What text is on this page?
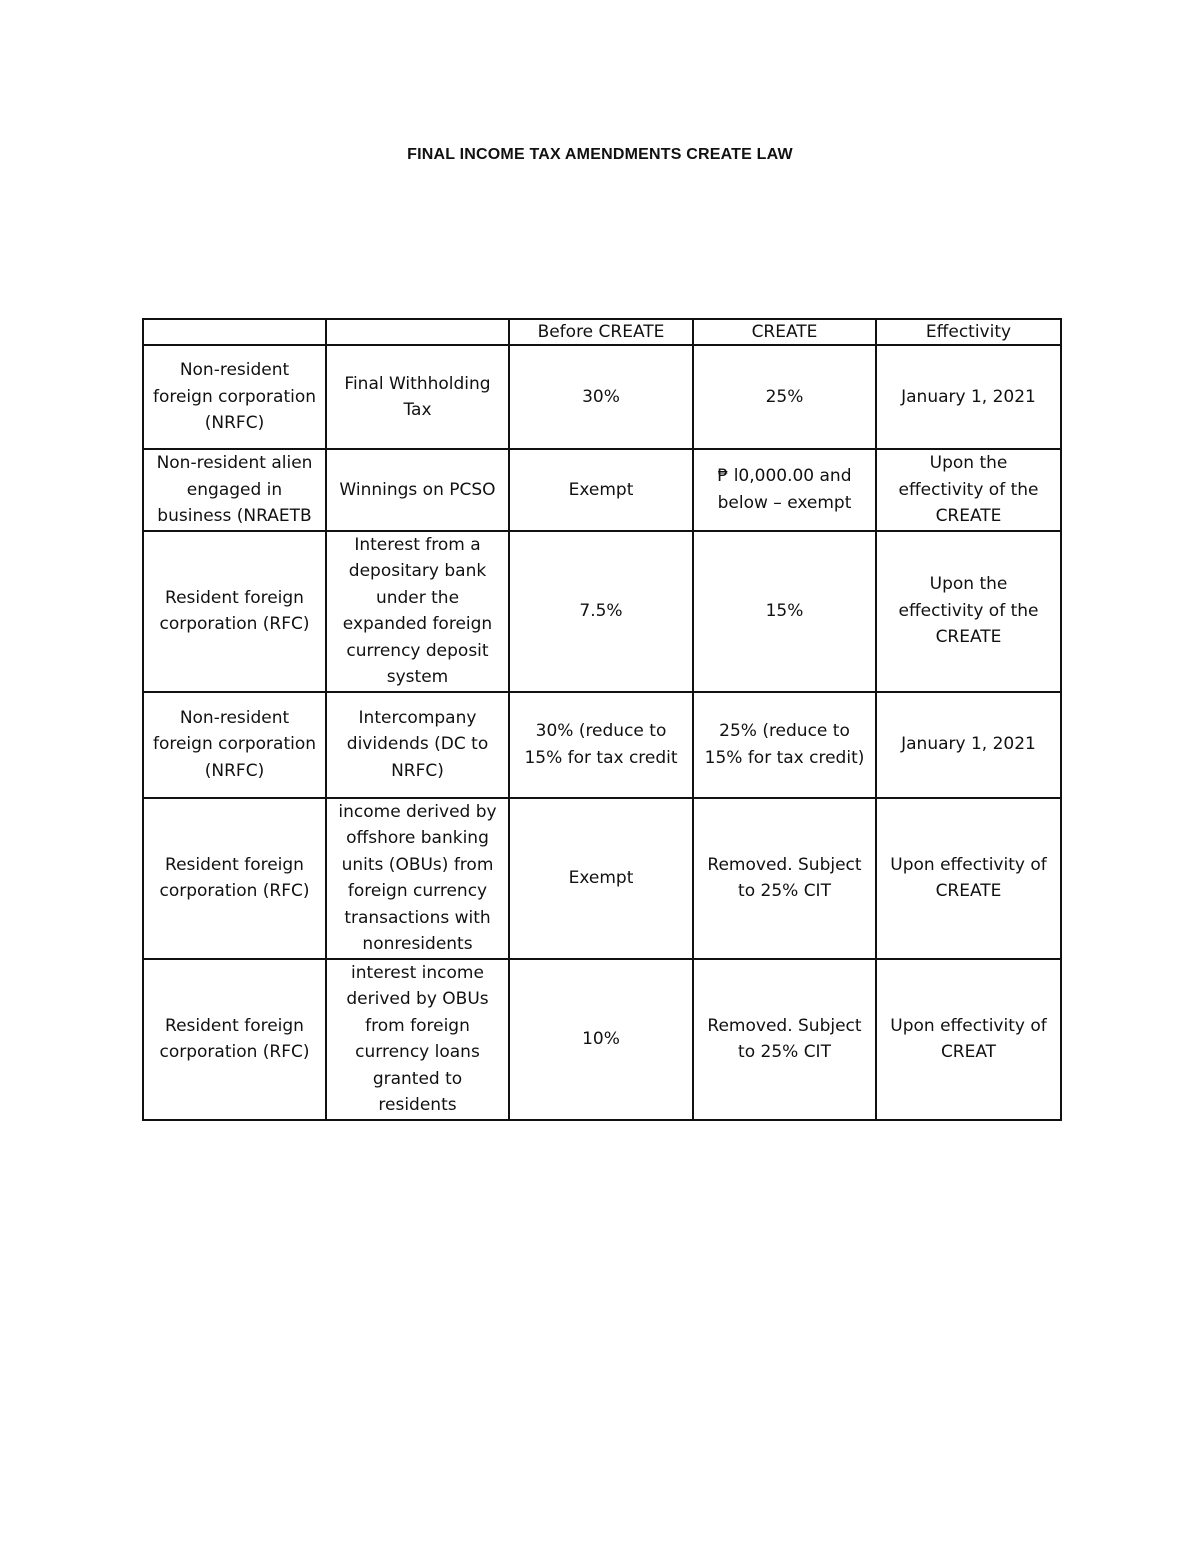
FINAL INCOME TAX AMENDMENTS CREATE LAW
		Before CREATE	CREATE	Effectivity
Non-resident foreign corporation (NRFC)	Final Withholding Tax	30%	25%	January 1, 2021
Non-resident alien engaged in business (NRAETB	Winnings on PCSO	Exempt	₱ l0,000.00 and below – exempt	Upon the effectivity of the CREATE
Resident foreign corporation (RFC)	Interest from a depositary bank under the expanded foreign currency deposit system	7.5%	15%	Upon the effectivity of the CREATE
Non-resident foreign corporation (NRFC)	Intercompany dividends (DC to NRFC)	30% (reduce to 15% for tax credit	25% (reduce to 15% for tax credit)	January 1, 2021
Resident foreign corporation (RFC)	income derived by offshore banking units (OBUs) from foreign currency transactions with nonresidents	Exempt	Removed. Subject to 25% CIT	Upon effectivity of CREATE
Resident foreign corporation (RFC)	interest income derived by OBUs from foreign currency loans granted to residents	10%	Removed. Subject to 25% CIT	Upon effectivity of CREAT
